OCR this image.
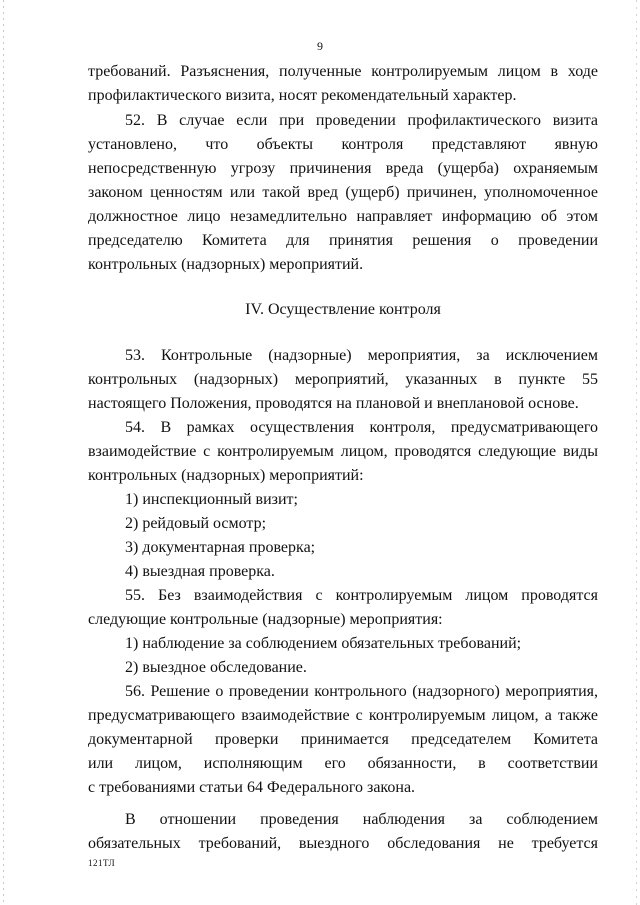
9
требований. Разъяснения, полученные контролируемым лицом в ходе
профилактического визита, носят рекомендательный характер.
52. В случае если при проведении профилактического визита
установлено, что объекты контроля представляют явную
непосредственную угрозу причинения вреда (ущерба) охраняемым
законом ценностям или такой вред (ущерб) причинен, уполномоченное
должностное лицо незамедлительно направляет информацию об этом
председателю Комитета для принятия решения о проведении
контрольных (надзорных) мероприятий.
IV. Осуществление контроля
53. Контрольные (надзорные) мероприятия, за исключением
контрольных (надзорных) мероприятий, указанных в пункте 55
настоящего Положения, проводятся на плановой и внеплановой основе.
54. В рамках осуществления контроля, предусматривающего
взаимодействие с контролируемым лицом, проводятся следующие виды
контрольных (надзорных) мероприятий:
1) инспекционный визит;
2) рейдовый осмотр;
3) документарная проверка;
4) выездная проверка.
55. Без взаимодействия с контролируемым лицом проводятся
следующие контрольные (надзорные) мероприятия:
1) наблюдение за соблюдением обязательных требований;
2) выездное обследование.
56. Решение о проведении контрольного (надзорного) мероприятия,
предусматривающего взаимодействие с контролируемым лицом, а также
документарной проверки принимается председателем Комитета
или лицом, исполняющим его обязанности, в соответствии
с требованиями статьи 64 Федерального закона.
В отношении проведения наблюдения за соблюдением
обязательных требований, выездного обследования не требуется
121ТЛ
